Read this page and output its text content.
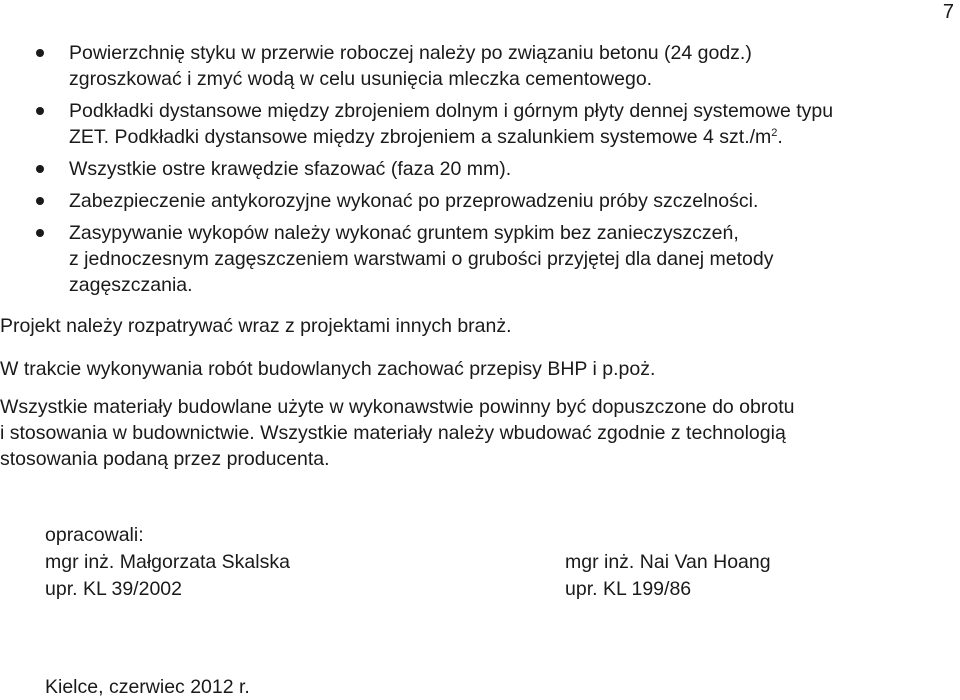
7
Powierzchnię styku w przerwie roboczej należy po związaniu betonu (24 godz.)
zgroszkować i zmyć wodą w celu usunięcia mleczka cementowego.
Podkładki dystansowe między zbrojeniem dolnym i górnym płyty dennej systemowe typu
ZET. Podkładki dystansowe między zbrojeniem a szalunkiem systemowe 4 $szt./m^2$.
Wszystkie ostre krawędzie sfazować (faza 20 mm).
Zabezpieczenie antykorozyjne wykonać po przeprowadzeniu próby szczelności.
Zasypywanie wykopów należy wykonać gruntem sypkim bez zanieczyszczeń,
z jednoczesnym zagęszczeniem warstwami o grubości przyjętej dla danej metody
zagęszczania.

Projekt należy rozpatrywać wraz z projektami innych branż.

W trakcie wykonywania robót budowlanych zachować przepisy BHP i p.poż.

Wszystkie materiały budowlane użyte w wykonawstwie powinny być dopuszczone do obrotu
i stosowania w budownictwie. Wszystkie materiały należy wbudować zgodnie z technologią
stosowania podaną przez producenta.
opracowali:
mgr inż. Małgorzata Skalska
upr. KL 39/2002
mgr inż. Nai Van Hoang
upr. KL 199/86
Kielce, czerwiec 2012 r.
